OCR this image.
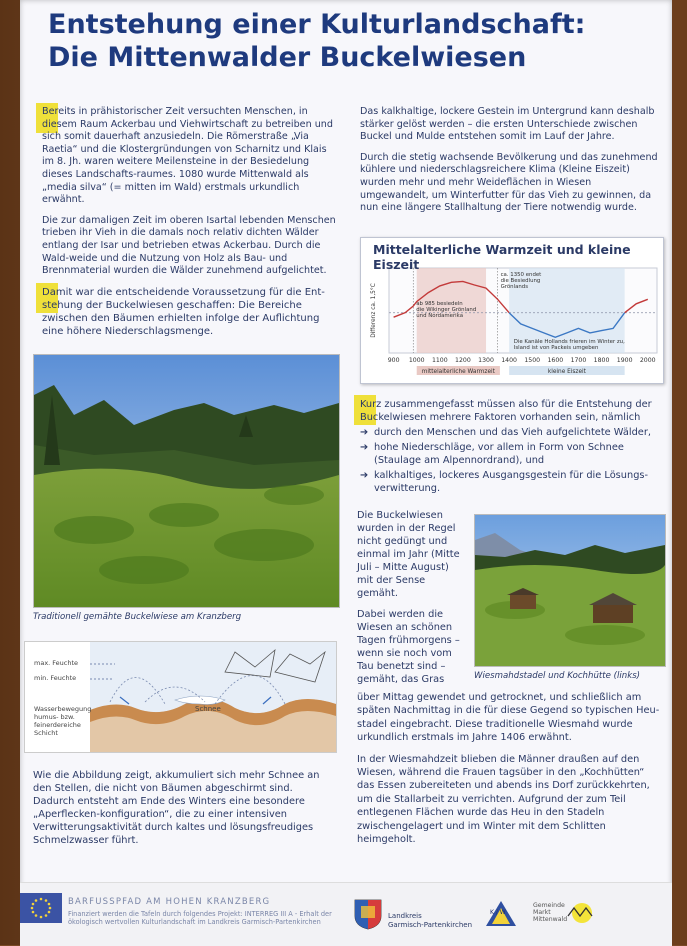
Entstehung einer Kulturlandschaft:
Die Mittenwalder Buckelwiesen

Bereits in prähistorischer Zeit versuchten Menschen, in diesem Raum Ackerbau und Viehwirtschaft zu betreiben und sich somit dauerhaft anzusiedeln. Die Römerstraße „Via Raetia“ und die Klostergründungen von Scharnitz und Klais im 8. Jh. waren weitere Meilensteine in der Besiedelung dieses Landschafts-raumes. 1080 wurde Mittenwald als „media silva“ (= mitten im Wald) erstmals urkundlich erwähnt.

Die zur damaligen Zeit im oberen Isartal lebenden Menschen trieben ihr Vieh in die damals noch relativ dichten Wälder entlang der Isar und betrieben etwas Ackerbau. Durch die Wald-weide und die Nutzung von Holz als Bau- und Brennmaterial wurden die Wälder zunehmend aufgelichtet.

Damit war die entscheidende Voraussetzung für die Ent-stehung der Buckelwiesen geschaffen: Die Bereiche zwischen den Bäumen erhielten infolge der Auflichtung eine höhere Niederschlagsmenge.

Traditionell gemähte Buckelwiese am Kranzberg
max. Feuchte
min. Feuchte
Wasserbewegung
humus- bzw.
feinerdereiche
Schicht
Schnee
Wie die Abbildung zeigt, akkumuliert sich mehr Schnee an den Stellen, die nicht von Bäumen abgeschirmt sind. Dadurch entsteht am Ende des Winters eine besondere „Aperflecken-konfiguration“, die zu einer intensiven Verwitterungsaktivität durch kaltes und lösungsfreudiges Schmelzwasser führt.

Das kalkhaltige, lockere Gestein im Untergrund kann deshalb stärker gelöst werden – die ersten Unterschiede zwischen Buckel und Mulde entstehen somit im Lauf der Jahre.

Durch die stetig wachsende Bevölkerung und das zunehmend kühlere und niederschlagsreichere Klima (Kleine Eiszeit) wurden mehr und mehr Weideflächen in Wiesen umgewandelt, um Winterfutter für das Vieh zu gewinnen, da nun eine längere Stallhaltung der Tiere notwendig wurde.

Mittelalterliche Warmzeit und kleine Eiszeit
900 1000 1100 1200 1300 1400 1500 1600 1700 1800 1900 2000
Differenz ca. 1,5°C
ca. 1350 endet
die Besiedlung
Grönlands
ab 985 besiedeln
die Wikinger Grönland
und Nordamerika
Die Kanäle Hollands frieren im Winter zu,
Island ist von Packeis umgeben
mittelalterliche Warmzeit	kleine Eiszeit

Kurz zusammengefasst müssen also für die Entstehung der Buckelwiesen mehrere Faktoren vorhanden sein, nämlich

➔ durch den Menschen und das Vieh aufgelichtete Wälder,
➔ hohe Niederschläge, vor allem in Form von Schnee (Staulage am Alpennordrand), und
➔ kalkhaltiges, lockeres Ausgangsgestein für die Lösungs-verwitterung.

Die Buckelwiesen wurden in der Regel nicht gedüngt und einmal im Jahr (Mitte Juli – Mitte August) mit der Sense gemäht.

Dabei werden die Wiesen an schönen Tagen frühmorgens – wenn sie noch vom Tau benetzt sind – gemäht, das Gras	Wiesmahdstadel und Kochhütte (links)

über Mittag gewendet und getrocknet, und schließlich am späten Nachmittag in die für diese Gegend so typischen Heu-stadel eingebracht. Diese traditionelle Wiesmahd wurde urkundlich erstmals im Jahre 1406 erwähnt.

In der Wiesmahdzeit blieben die Männer draußen auf den Wiesen, während die Frauen tagsüber in den „Kochhütten“ das Essen zubereiteten und abends ins Dorf zurückkehrten, um die Stallarbeit zu verrichten. Aufgrund der zum Teil entlegenen Flächen wurde das Heu in den Stadeln zwischengelagert und im Winter mit dem Schlitten heimgeholt.

BARFUSSPFAD AM HOHEN KRANZBERG
Finanziert werden die Tafeln durch folgendes Projekt: INTERREG III A - Erhalt der ökologisch wertvollen Kulturlandschaft im Landkreis Garmisch-Partenkirchen
Landkreis
Garmisch-Partenkirchen
K / W
Gemeinde
Markt
Mittenwald
